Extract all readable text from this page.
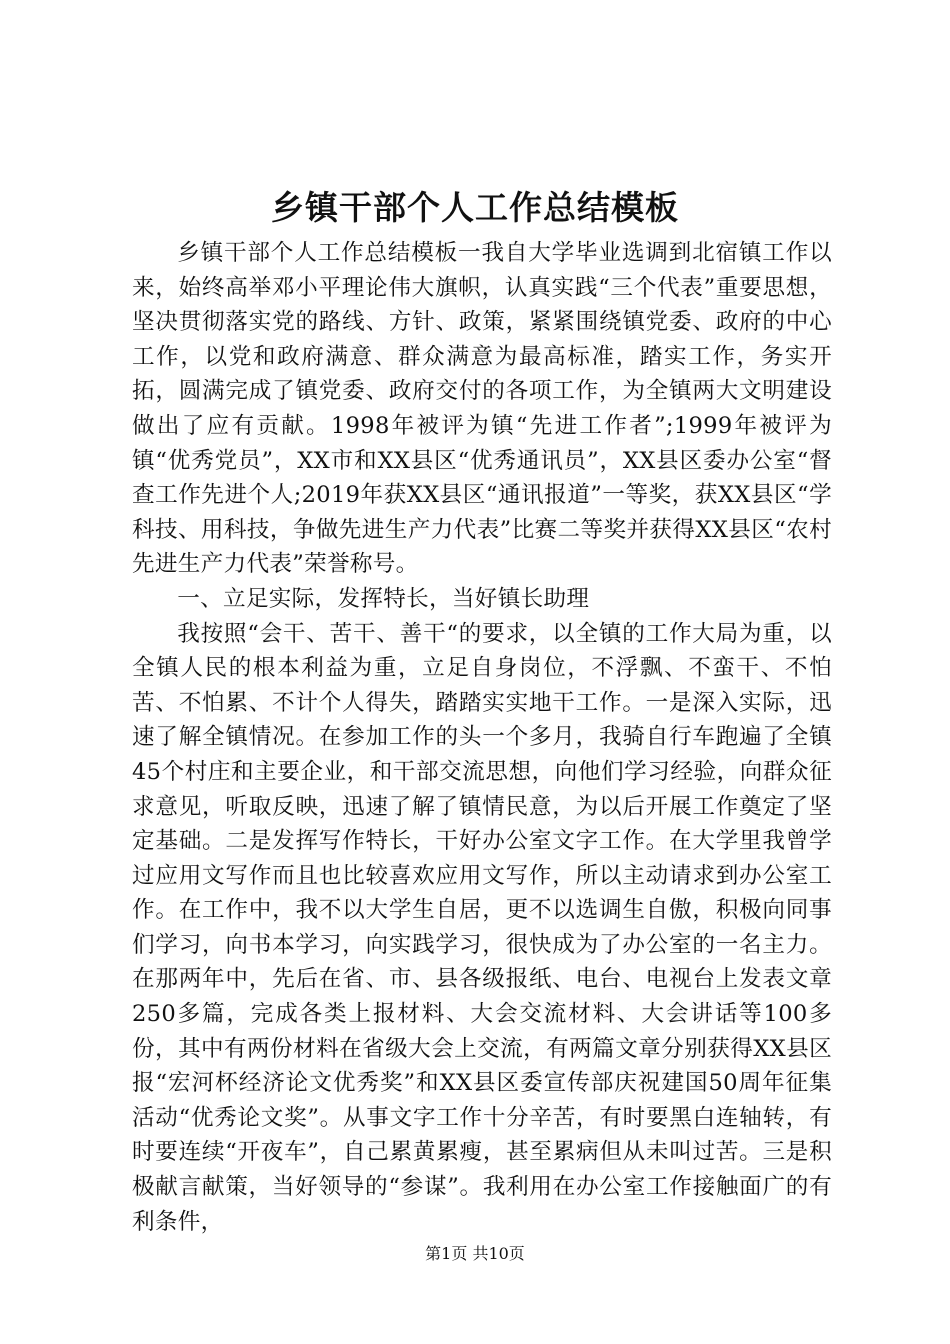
乡镇干部个人工作总结模板

乡镇干部个人工作总结模板一我自大学毕业选调到北宿镇工作以来，始终高举邓小平理论伟大旗帜，认真实践“三个代表”重要思想，坚决贯彻落实党的路线、方针、政策，紧紧围绕镇党委、政府的中心工作，以党和政府满意、群众满意为最高标准，踏实工作，务实开拓，圆满完成了镇党委、政府交付的各项工作，为全镇两大文明建设做出了应有贡献。1998年被评为镇“先进工作者”;1999年被评为镇“优秀党员”，XX市和XX县区“优秀通讯员”，XX县区委办公室“督查工作先进个人;2019年获XX县区“通讯报道”一等奖，获XX县区“学科技、用科技，争做先进生产力代表”比赛二等奖并获得XX县区“农村先进生产力代表”荣誉称号。

一、立足实际，发挥特长，当好镇长助理

我按照“会干、苦干、善干“的要求，以全镇的工作大局为重，以全镇人民的根本利益为重，立足自身岗位，不浮飘、不蛮干、不怕苦、不怕累、不计个人得失，踏踏实实地干工作。一是深入实际，迅速了解全镇情况。在参加工作的头一个多月，我骑自行车跑遍了全镇45个村庄和主要企业，和干部交流思想，向他们学习经验，向群众征求意见，听取反映，迅速了解了镇情民意，为以后开展工作奠定了坚定基础。二是发挥写作特长，干好办公室文字工作。在大学里我曾学过应用文写作而且也比较喜欢应用文写作，所以主动请求到办公室工作。在工作中，我不以大学生自居，更不以选调生自傲，积极向同事们学习，向书本学习，向实践学习，很快成为了办公室的一名主力。在那两年中，先后在省、市、县各级报纸、电台、电视台上发表文章250多篇，完成各类上报材料、大会交流材料、大会讲话等100多份，其中有两份材料在省级大会上交流，有两篇文章分别获得XX县区报“宏河杯经济论文优秀奖”和XX县区委宣传部庆祝建国50周年征集活动“优秀论文奖”。从事文字工作十分辛苦，有时要黑白连轴转，有时要连续“开夜车”，自己累黄累瘦，甚至累病但从未叫过苦。三是积极献言献策，当好领导的“参谋”。我利用在办公室工作接触面广的有利条件，

第1页 共10页
